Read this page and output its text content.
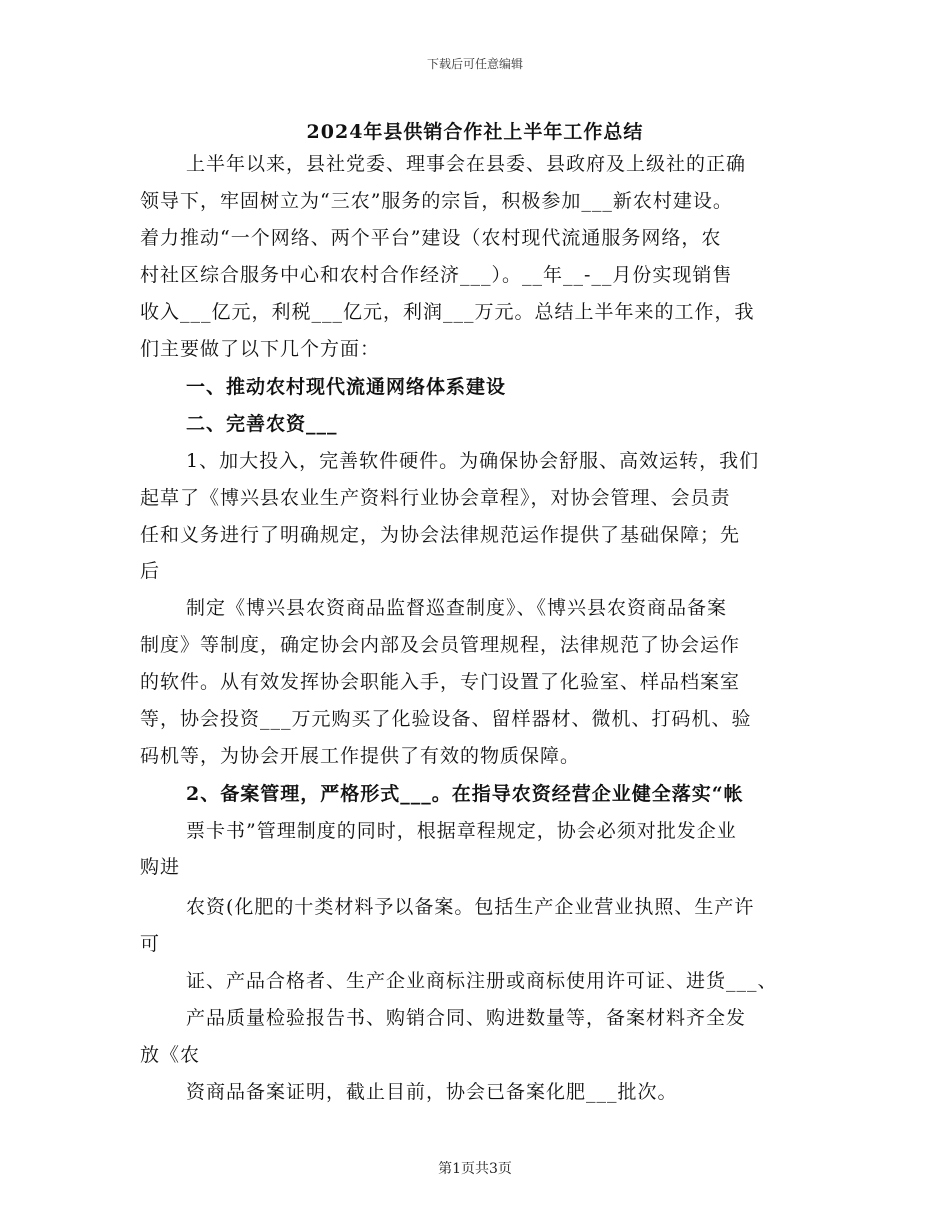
下载后可任意编辑
2024年县供销合作社上半年工作总结
上半年以来，县社党委、理事会在县委、县政府及上级社的正确
领导下，牢固树立为“三农”服务的宗旨，积极参加___新农村建设。
着力推动“一个网络、两个平台”建设（农村现代流通服务网络，农
村社区综合服务中心和农村合作经济___）。__年__-__月份实现销售
收入___亿元，利税___亿元，利润___万元。总结上半年来的工作，我
们主要做了以下几个方面：
一、推动农村现代流通网络体系建设
二、完善农资___
1、加大投入，完善软件硬件。为确保协会舒服、高效运转，我们
起草了《博兴县农业生产资料行业协会章程》，对协会管理、会员责
任和义务进行了明确规定，为协会法律规范运作提供了基础保障；先
后
制定《博兴县农资商品监督巡查制度》、《博兴县农资商品备案
制度》等制度，确定协会内部及会员管理规程，法律规范了协会运作
的软件。从有效发挥协会职能入手，专门设置了化验室、样品档案室
等，协会投资___万元购买了化验设备、留样器材、微机、打码机、验
码机等，为协会开展工作提供了有效的物质保障。
2、备案管理，严格形式___。在指导农资经营企业健全落实“帐
票卡书”管理制度的同时，根据章程规定，协会必须对批发企业
购进
农资(化肥的十类材料予以备案。包括生产企业营业执照、生产许
可
证、产品合格者、生产企业商标注册或商标使用许可证、进货___、
产品质量检验报告书、购销合同、购进数量等，备案材料齐全发
放《农
资商品备案证明，截止目前，协会已备案化肥___批次。
第1页共3页
